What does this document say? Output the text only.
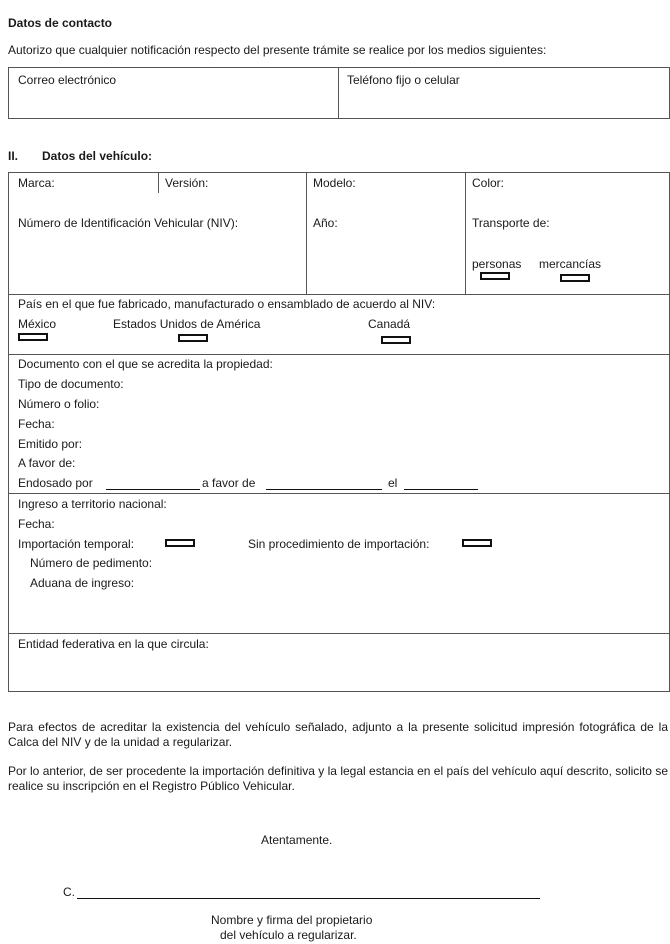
Datos de contacto
Autorizo que cualquier notificación respecto del presente trámite se realice por los medios siguientes:
Correo electrónico	Teléfono fijo o celular
II. Datos del vehículo:
Marca:	Versión:	Modelo:	Color:
Número de Identificación Vehicular (NIV):	Año:	Transporte de:
personas mercancías
País en el que fue fabricado, manufacturado o ensamblado de acuerdo al NIV:
México	Estados Unidos de América	Canadá
Documento con el que se acredita la propiedad:
Tipo de documento:
Número o folio:
Fecha:
Emitido por:
A favor de:
Endosado por	a favor de	el
Ingreso a territorio nacional:
Fecha:
Importación temporal:	Sin procedimiento de importación:
Número de pedimento:
Aduana de ingreso:
Entidad federativa en la que circula:
Para efectos de acreditar la existencia del vehículo señalado, adjunto a la presente solicitud impresión fotográfica de la Calca del NIV y de la unidad a regularizar.
Por lo anterior, de ser procedente la importación definitiva y la legal estancia en el país del vehículo aquí descrito, solicito se realice su inscripción en el Registro Público Vehicular.
Atentamente.
C.
Nombre y firma del propietario
del vehículo a regularizar.
